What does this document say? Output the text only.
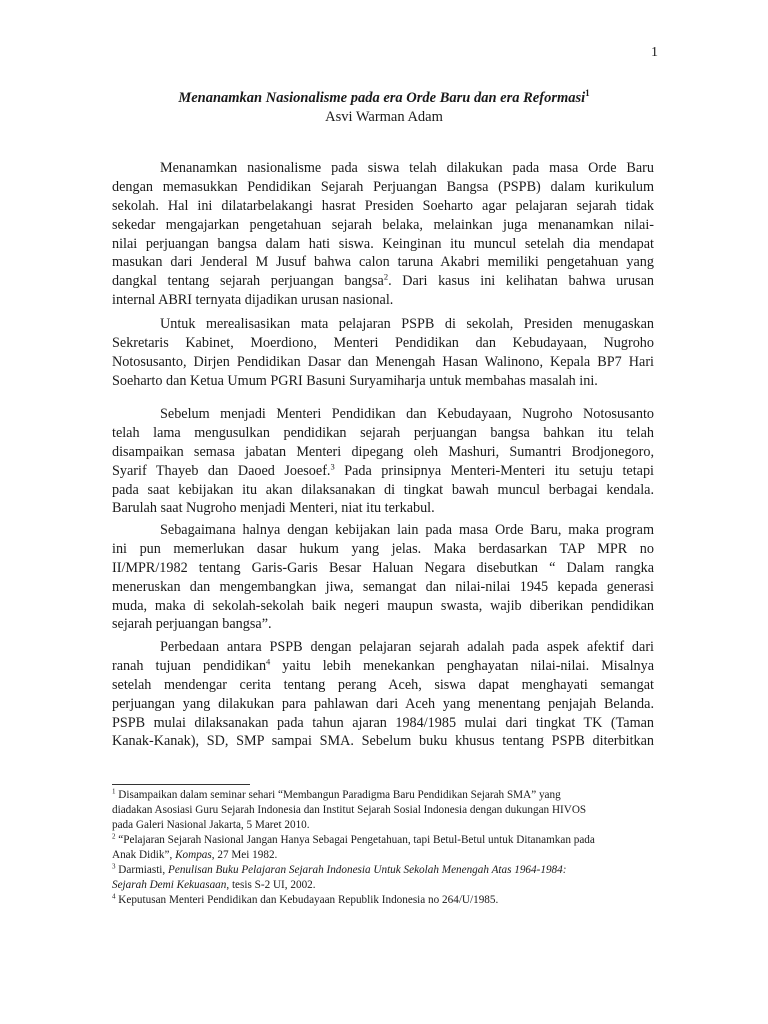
1
Menanamkan Nasionalisme pada era Orde Baru dan era Reformasi$^1$
Asvi Warman Adam
Menanamkan nasionalisme pada siswa telah dilakukan pada masa Orde Baru
dengan memasukkan Pendidikan Sejarah Perjuangan Bangsa (PSPB) dalam kurikulum
sekolah. Hal ini dilatarbelakangi hasrat Presiden Soeharto agar pelajaran sejarah tidak
sekedar mengajarkan pengetahuan sejarah belaka, melainkan juga menanamkan nilai-
nilai perjuangan bangsa dalam hati siswa. Keinginan itu muncul setelah dia mendapat
masukan dari Jenderal M Jusuf bahwa calon taruna Akabri memiliki pengetahuan yang
dangkal tentang sejarah perjuangan bangsa$^2$. Dari kasus ini kelihatan bahwa urusan
internal ABRI ternyata dijadikan urusan nasional.
Untuk merealisasikan mata pelajaran PSPB di sekolah, Presiden menugaskan
Sekretaris Kabinet, Moerdiono, Menteri Pendidikan dan Kebudayaan, Nugroho
Notosusanto, Dirjen Pendidikan Dasar dan Menengah Hasan Walinono, Kepala BP7 Hari
Soeharto dan Ketua Umum PGRI Basuni Suryamiharja untuk membahas masalah ini.
Sebelum menjadi Menteri Pendidikan dan Kebudayaan, Nugroho Notosusanto
telah lama mengusulkan pendidikan sejarah perjuangan bangsa bahkan itu telah
disampaikan semasa jabatan Menteri dipegang oleh Mashuri, Sumantri Brodjonegoro,
Syarif Thayeb dan Daoed Joesoef.$^3$ Pada prinsipnya Menteri-Menteri itu setuju tetapi
pada saat kebijakan itu akan dilaksanakan di tingkat bawah muncul berbagai kendala.
Barulah saat Nugroho menjadi Menteri, niat itu terkabul.
Sebagaimana halnya dengan kebijakan lain pada masa Orde Baru, maka program
ini pun memerlukan dasar hukum yang jelas. Maka berdasarkan TAP MPR no
II/MPR/1982 tentang Garis-Garis Besar Haluan Negara disebutkan “ Dalam rangka
meneruskan dan mengembangkan jiwa, semangat dan nilai-nilai 1945 kepada generasi
muda, maka di sekolah-sekolah baik negeri maupun swasta, wajib diberikan pendidikan
sejarah perjuangan bangsa”.
Perbedaan antara PSPB dengan pelajaran sejarah adalah pada aspek afektif dari
ranah tujuan pendidikan$^4$ yaitu lebih menekankan penghayatan nilai-nilai. Misalnya
setelah mendengar cerita tentang perang Aceh, siswa dapat menghayati semangat
perjuangan yang dilakukan para pahlawan dari Aceh yang menentang penjajah Belanda.
PSPB mulai dilaksanakan pada tahun ajaran 1984/1985 mulai dari tingkat TK (Taman
Kanak-Kanak), SD, SMP sampai SMA. Sebelum buku khusus tentang PSPB diterbitkan
$^1$ Disampaikan dalam seminar sehari “Membangun Paradigma Baru Pendidikan Sejarah SMA” yang
diadakan Asosiasi Guru Sejarah Indonesia dan Institut Sejarah Sosial Indonesia dengan dukungan HIVOS
pada Galeri Nasional Jakarta, 5 Maret 2010.
$^2$ “Pelajaran Sejarah Nasional Jangan Hanya Sebagai Pengetahuan, tapi Betul-Betul untuk Ditanamkan pada
Anak Didik”, Kompas, 27 Mei 1982.
$^3$ Darmiasti, Penulisan Buku Pelajaran Sejarah Indonesia Untuk Sekolah Menengah Atas 1964-1984:
Sejarah Demi Kekuasaan, tesis S-2 UI, 2002.
$^4$ Keputusan Menteri Pendidikan dan Kebudayaan Republik Indonesia no 264/U/1985.
